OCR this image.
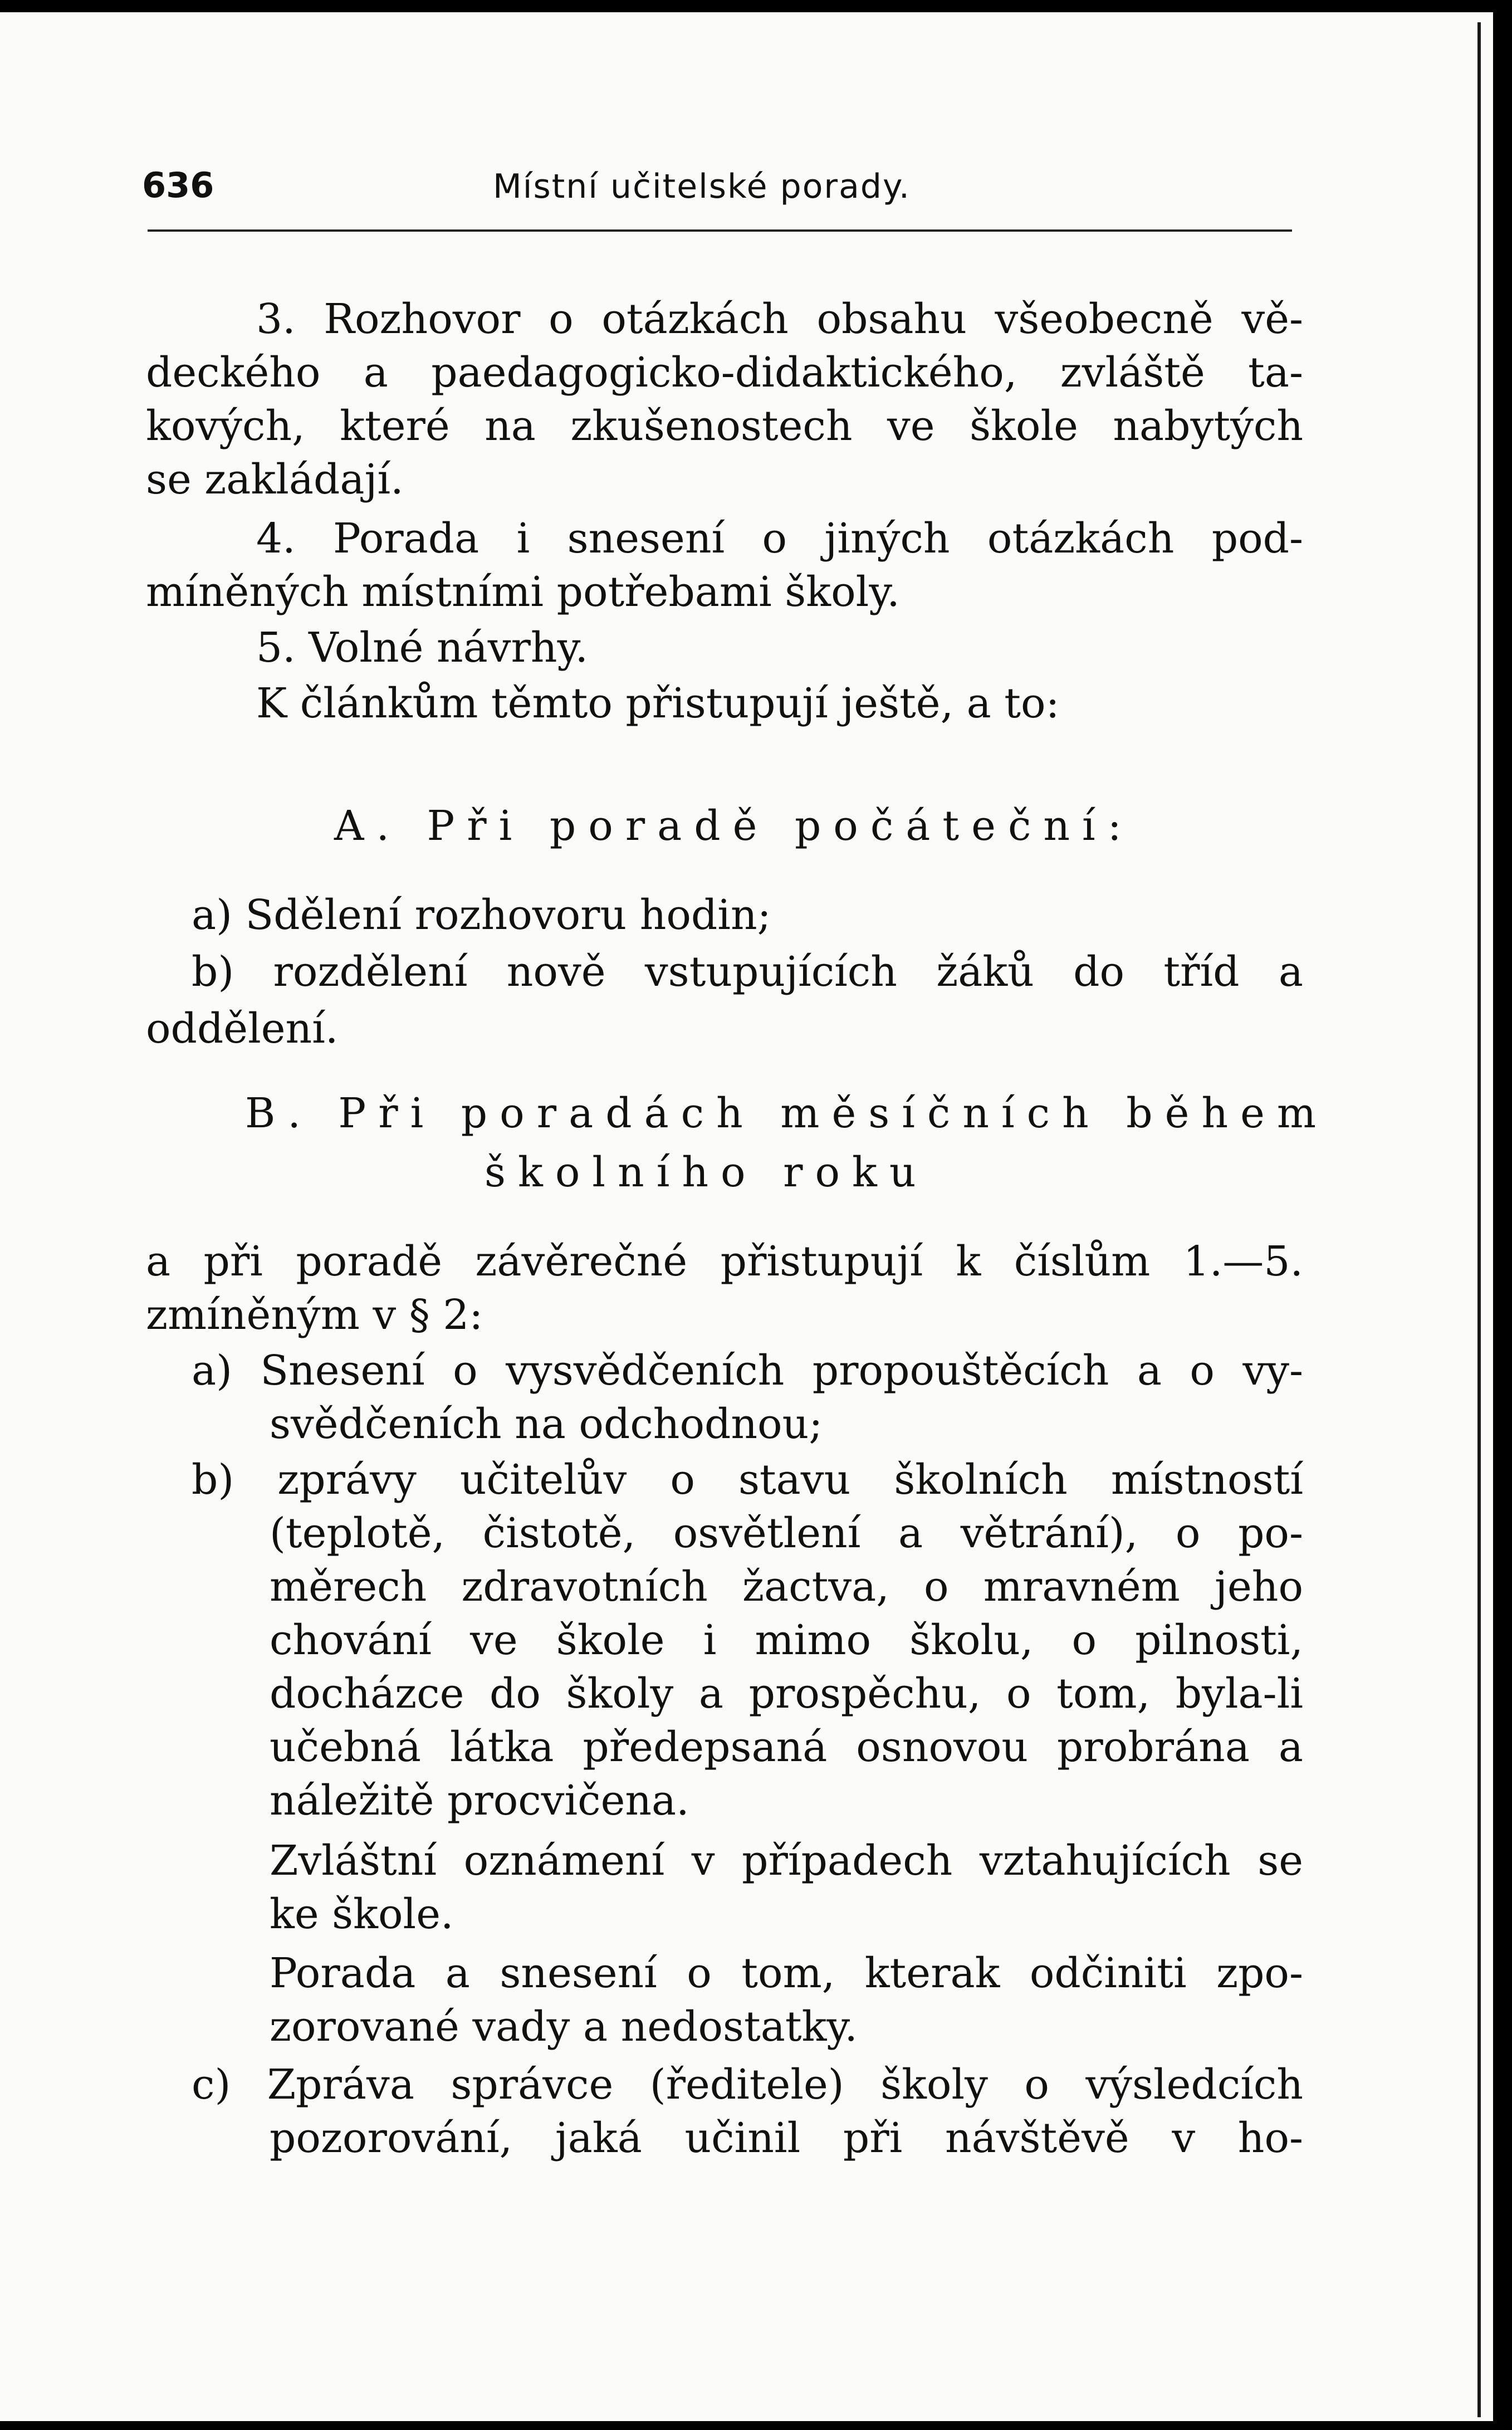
636	Místní učitelské porady.
3. Rozhovor o otázkách obsahu všeobecně vě-
deckého a paedagogicko-didaktického, zvláště ta-
kových, které na zkušenostech ve škole nabytých
se zakládají.
4. Porada i snesení o jiných otázkách pod-
míněných místními potřebami školy.
5. Volné návrhy.
K článkům těmto přistupují ještě, a to:
A. Při poradě počáteční:
a) Sdělení rozhovoru hodin;
b) rozdělení nově vstupujících žáků do tříd a
oddělení.
B. Při poradách měsíčních během
školního roku
a při poradě závěrečné přistupují k číslům 1.—5.
zmíněným v § 2:
a) Snesení o vysvědčeních propouštěcích a o vy-
svědčeních na odchodnou;
b) zprávy učitelův o stavu školních místností
(teplotě, čistotě, osvětlení a větrání), o po-
měrech zdravotních žactva, o mravném jeho
chování ve škole i mimo školu, o pilnosti,
docházce do školy a prospěchu, o tom, byla-li
učebná látka předepsaná osnovou probrána a
náležitě procvičena.
Zvláštní oznámení v případech vztahujících se
ke škole.
Porada a snesení o tom, kterak odčiniti zpo-
zorované vady a nedostatky.
c) Zpráva správce (ředitele) školy o výsledcích
pozorování, jaká učinil při návštěvě v ho-
